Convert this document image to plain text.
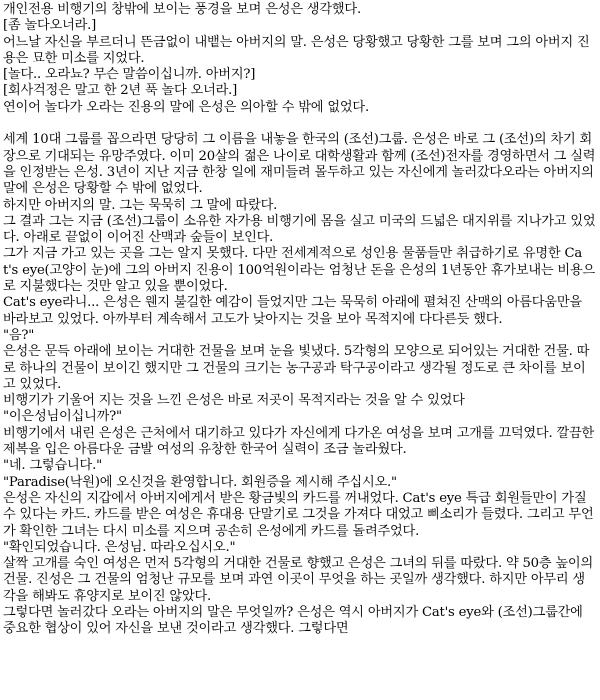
개인전용 비행기의 창밖에 보이는 풍경을 보며 은성은 생각했다.

[좀 놀다오너라.]

어느날 자신을 부르더니 뜬금없이 내뱉는 아버지의 말. 은성은 당황했고 당황한 그를 보며 그의 아버지 진용은 묘한 미소를 지었다.

[놀다.. 오라뇨? 무슨 말씀이십니까. 아버지?]

[회사걱정은 말고 한 2년 푹 놀다 오너라.]

연이어 놀다가 오라는 진용의 말에 은성은 의아할 수 밖에 없었다.

세계 10대 그룹를 꼽으라면 당당히 그 이름을 내놓을 한국의 (조선)그룹. 은성은 바로 그 (조선)의 차기 회장으로 기대되는 유망주였다. 이미 20살의 젊은 나이로 대학생활과 함께 (조선)전자를 경영하면서 그 실력을 인정받는 은성. 3년이 지난 지금 한창 일에 재미들려 몰두하고 있는 자신에게 놀러갔다오라는 아버지의 말에 은성은 당황할 수 밖에 없었다.

하지만 아버지의 말. 그는 묵묵히 그 말에 따랐다.

그 결과 그는 지금 (조선)그룹이 소유한 자가용 비행기에 몸을 실고 미국의 드넓은 대지위를 지나가고 있었다. 아래로 끝없이 이어진 산맥과 숲들이 보인다.

그가 지금 가고 있는 곳을 그는 알지 못했다. 다만 전세계적으로 성인용 물품들만 취급하기로 유명한 Cat's eye(고양이 눈)에 그의 아버지 진용이 100억원이라는 엄청난 돈을 은성의 1년동안 휴가보내는 비용으로 지불했다는 것만 알고 있을 뿐이었다.

Cat's eye라니... 은성은 웬지 불길한 예감이 들었지만 그는 묵묵히 아래에 펼쳐진 산맥의 아름다움만을 바라보고 있었다. 아까부터 계속해서 고도가 낮아지는 것을 보아 목적지에 다다른듯 했다.

"음?"

은성은 문득 아래에 보이는 거대한 건물을 보며 눈을 빛냈다. 5각형의 모양으로 되어있는 거대한 건물. 따로 하나의 건물이 보이긴 했지만 그 건물의 크기는 농구공과 탁구공이라고 생각될 정도로 큰 차이를 보이고 있었다.

비행기가 기울어 지는 것을 느낀 은성은 바로 저곳이 목적지라는 것을 알 수 있었다

"이은성님이십니까?"

비행기에서 내린 은성은 근처에서 대기하고 있다가 자신에게 다가온 여성을 보며 고개를 끄덕였다. 깔끔한 제복을 입은 아름다운 금발 여성의 유창한 한국어 실력이 조금 놀라웠다.

"네. 그렇습니다."

"Paradise(낙원)에 오신것을 환영합니다. 회원증을 제시해 주십시오."

은성은 자신의 지갑에서 아버지에게서 받은 황금빛의 카드를 꺼내었다. Cat's eye 특급 회원들만이 가질 수 있다는 카드. 카드를 받은 여성은 휴대용 단말기로 그것을 가져다 대었고 삐소리가 들렸다. 그리고 무언가 확인한 그녀는 다시 미소를 지으며 공손히 은성에게 카드를 돌려주었다.

"확인되었습니다. 은성님. 따라오십시오."

살짝 고개를 숙인 여성은 먼저 5각형의 거대한 건물로 향했고 은성은 그녀의 뒤를 따랐다. 약 50층 높이의 건물. 진성은 그 건물의 엄청난 규모를 보며 과연 이곳이 무엇을 하는 곳일까 생각했다. 하지만 아무리 생각을 해봐도 휴양지로 보이진 않았다.

그렇다면 놀러갔다 오라는 아버지의 말은 무엇일까? 은성은 역시 아버지가 Cat's eye와 (조선)그룹간에 중요한 협상이 있어 자신을 보낸 것이라고 생각했다. 그렇다면
